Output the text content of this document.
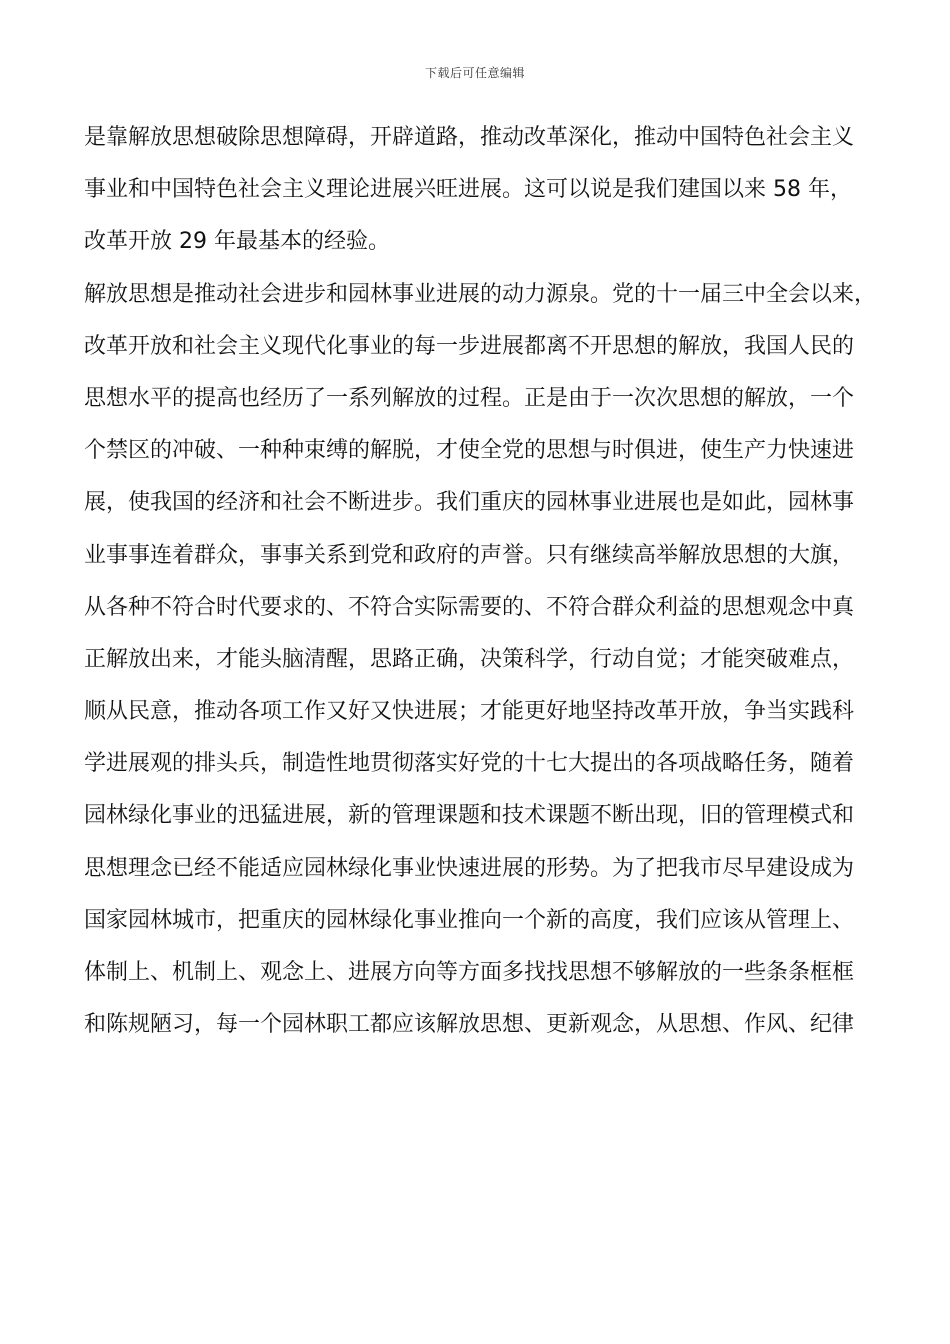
下载后可任意编辑
是靠解放思想破除思想障碍，开辟道路，推动改革深化，推动中国特色社会主义
事业和中国特色社会主义理论进展兴旺进展。这可以说是我们建国以来 58 年，
改革开放 29 年最基本的经验。
解放思想是推动社会进步和园林事业进展的动力源泉。党的十一届三中全会以来，
改革开放和社会主义现代化事业的每一步进展都离不开思想的解放，我国人民的
思想水平的提高也经历了一系列解放的过程。正是由于一次次思想的解放，一个
个禁区的冲破、一种种束缚的解脱，才使全党的思想与时俱进，使生产力快速进
展，使我国的经济和社会不断进步。我们重庆的园林事业进展也是如此，园林事
业事事连着群众，事事关系到党和政府的声誉。只有继续高举解放思想的大旗，
从各种不符合时代要求的、不符合实际需要的、不符合群众利益的思想观念中真
正解放出来，才能头脑清醒，思路正确，决策科学，行动自觉；才能突破难点，
顺从民意，推动各项工作又好又快进展；才能更好地坚持改革开放，争当实践科
学进展观的排头兵，制造性地贯彻落实好党的十七大提出的各项战略任务，随着
园林绿化事业的迅猛进展，新的管理课题和技术课题不断出现，旧的管理模式和
思想理念已经不能适应园林绿化事业快速进展的形势。为了把我市尽早建设成为
国家园林城市，把重庆的园林绿化事业推向一个新的高度，我们应该从管理上、
体制上、机制上、观念上、进展方向等方面多找找思想不够解放的一些条条框框
和陈规陋习，每一个园林职工都应该解放思想、更新观念，从思想、作风、纪律
